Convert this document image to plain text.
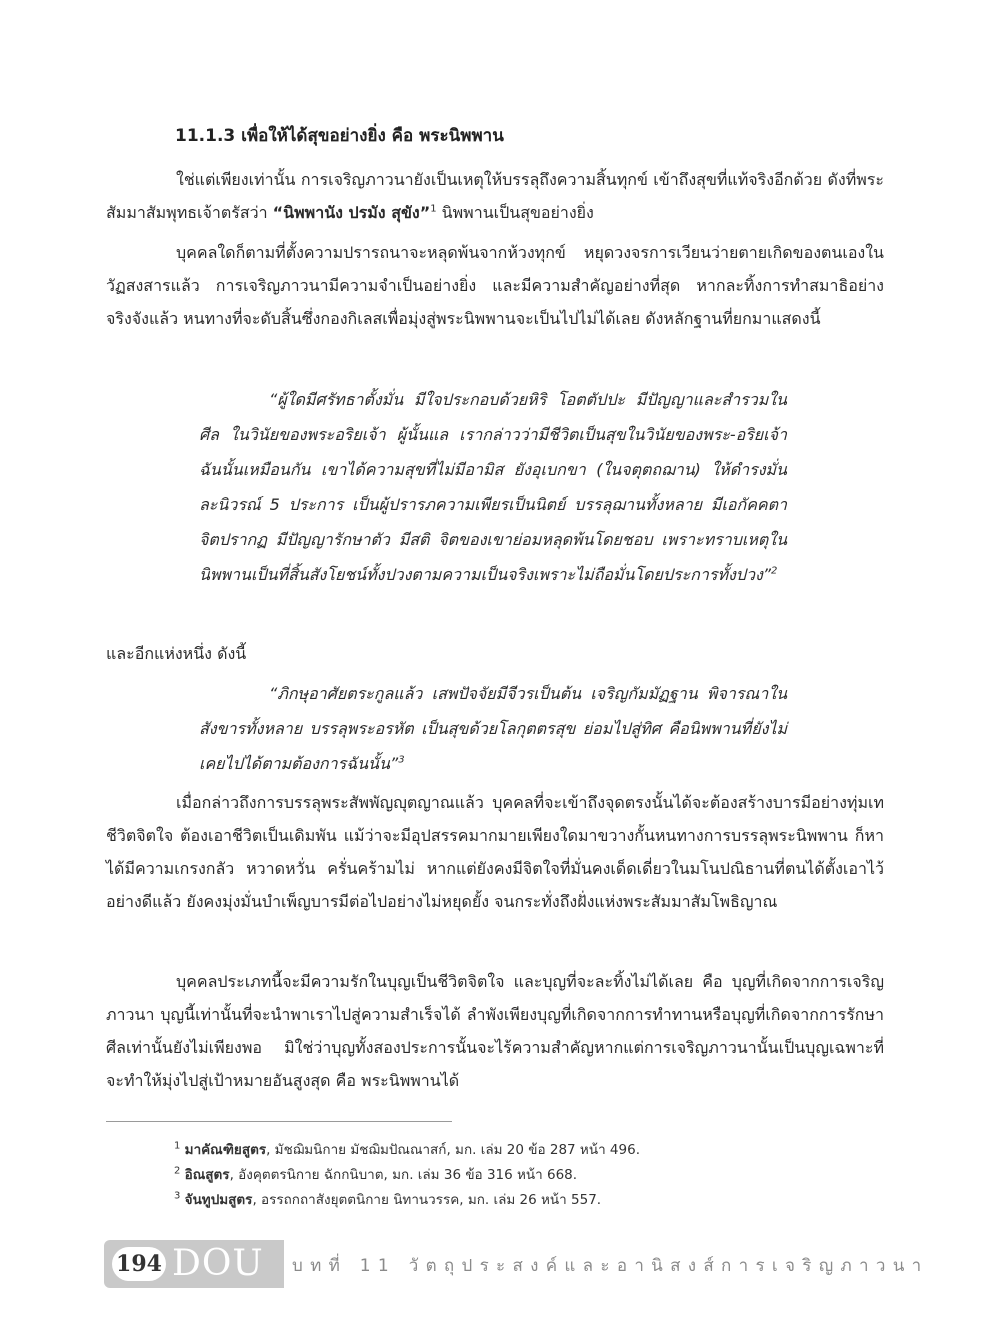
11.1.3 เพื่อให้ได้สุขอย่างยิ่ง คือ พระนิพพาน

ใช่แต่เพียงเท่านั้น การเจริญภาวนายังเป็นเหตุให้บรรลุถึงความสิ้นทุกข์ เข้าถึงสุขที่แท้จริงอีกด้วย ดังที่พระสัมมาสัมพุทธเจ้าตรัสว่า “นิพพานัง ปรมัง สุขัง”$^1$ นิพพานเป็นสุขอย่างยิ่ง

บุคคลใดก็ตามที่ตั้งความปรารถนาจะหลุดพ้นจากห้วงทุกข์ หยุดวงจรการเวียนว่ายตายเกิดของตนเองในวัฏสงสารแล้ว การเจริญภาวนามีความจำเป็นอย่างยิ่ง และมีความสำคัญอย่างที่สุด หากละทิ้งการทำสมาธิอย่างจริงจังแล้ว หนทางที่จะดับสิ้นซึ่งกองกิเลสเพื่อมุ่งสู่พระนิพพานจะเป็นไปไม่ได้เลย ดังหลักฐานที่ยกมาแสดงนี้

“ผู้ใดมีศรัทธาตั้งมั่น มีใจประกอบด้วยหิริ โอตตัปปะ มีปัญญาและสำรวมในศีล ในวินัยของพระอริยเจ้า ผู้นั้นแล เรากล่าวว่ามีชีวิตเป็นสุขในวินัยของพระ-อริยเจ้า ฉันนั้นเหมือนกัน เขาได้ความสุขที่ไม่มีอามิส ยังอุเบกขา (ในจตุตถฌาน) ให้ดำรงมั่น ละนิวรณ์ 5 ประการ เป็นผู้ปรารภความเพียรเป็นนิตย์ บรรลุฌานทั้งหลาย มีเอกัคคตาจิตปรากฏ มีปัญญารักษาตัว มีสติ จิตของเขาย่อมหลุดพ้นโดยชอบ เพราะทราบเหตุในนิพพานเป็นที่สิ้นสังโยชน์ทั้งปวงตามความเป็นจริงเพราะไม่ถือมั่นโดยประการทั้งปวง”$^2$

และอีกแห่งหนึ่ง ดังนี้

“ภิกษุอาศัยตระกูลแล้ว เสพปัจจัยมีจีวรเป็นต้น เจริญกัมมัฏฐาน พิจารณาในสังขารทั้งหลาย บรรลุพระอรหัต เป็นสุขด้วยโลกุตตรสุข ย่อมไปสู่ทิศ คือนิพพานที่ยังไม่เคยไปได้ตามต้องการฉันนั้น”$^3$

เมื่อกล่าวถึงการบรรลุพระสัพพัญญุตญาณแล้ว บุคคลที่จะเข้าถึงจุดตรงนั้นได้จะต้องสร้างบารมีอย่างทุ่มเทชีวิตจิตใจ ต้องเอาชีวิตเป็นเดิมพัน แม้ว่าจะมีอุปสรรคมากมายเพียงใดมาขวางกั้นหนทางการบรรลุพระนิพพาน ก็หาได้มีความเกรงกลัว หวาดหวั่น ครั่นคร้ามไม่ หากแต่ยังคงมีจิตใจที่มั่นคงเด็ดเดี่ยวในมโนปณิธานที่ตนได้ตั้งเอาไว้อย่างดีแล้ว ยังคงมุ่งมั่นบำเพ็ญบารมีต่อไปอย่างไม่หยุดยั้ง จนกระทั่งถึงฝั่งแห่งพระสัมมาสัมโพธิญาณ

บุคคลประเภทนี้จะมีความรักในบุญเป็นชีวิตจิตใจ และบุญที่จะละทิ้งไม่ได้เลย คือ บุญที่เกิดจากการเจริญภาวนา บุญนี้เท่านั้นที่จะนำพาเราไปสู่ความสำเร็จได้ ลำพังเพียงบุญที่เกิดจากการทำทานหรือบุญที่เกิดจากการรักษาศีลเท่านั้นยังไม่เพียงพอ มิใช่ว่าบุญทั้งสองประการนั้นจะไร้ความสำคัญหากแต่การเจริญภาวนานั้นเป็นบุญเฉพาะที่จะทำให้มุ่งไปสู่เป้าหมายอันสูงสุด คือ พระนิพพานได้

$^1$ มาคัณฑิยสูตร, มัชฌิมนิกาย มัชฌิมปัณณาสก์, มก. เล่ม 20 ข้อ 287 หน้า 496.
$^2$ อิณสูตร, อังคุตตรนิกาย ฉักกนิบาต, มก. เล่ม 36 ข้อ 316 หน้า 668.
$^3$ จันทูปมสูตร, อรรถกถาสังยุตตนิกาย นิทานวรรค, มก. เล่ม 26 หน้า 557.
194 DOU บทที่ 11 วัตถุประสงค์และอานิสงส์การเจริญภาวนา
